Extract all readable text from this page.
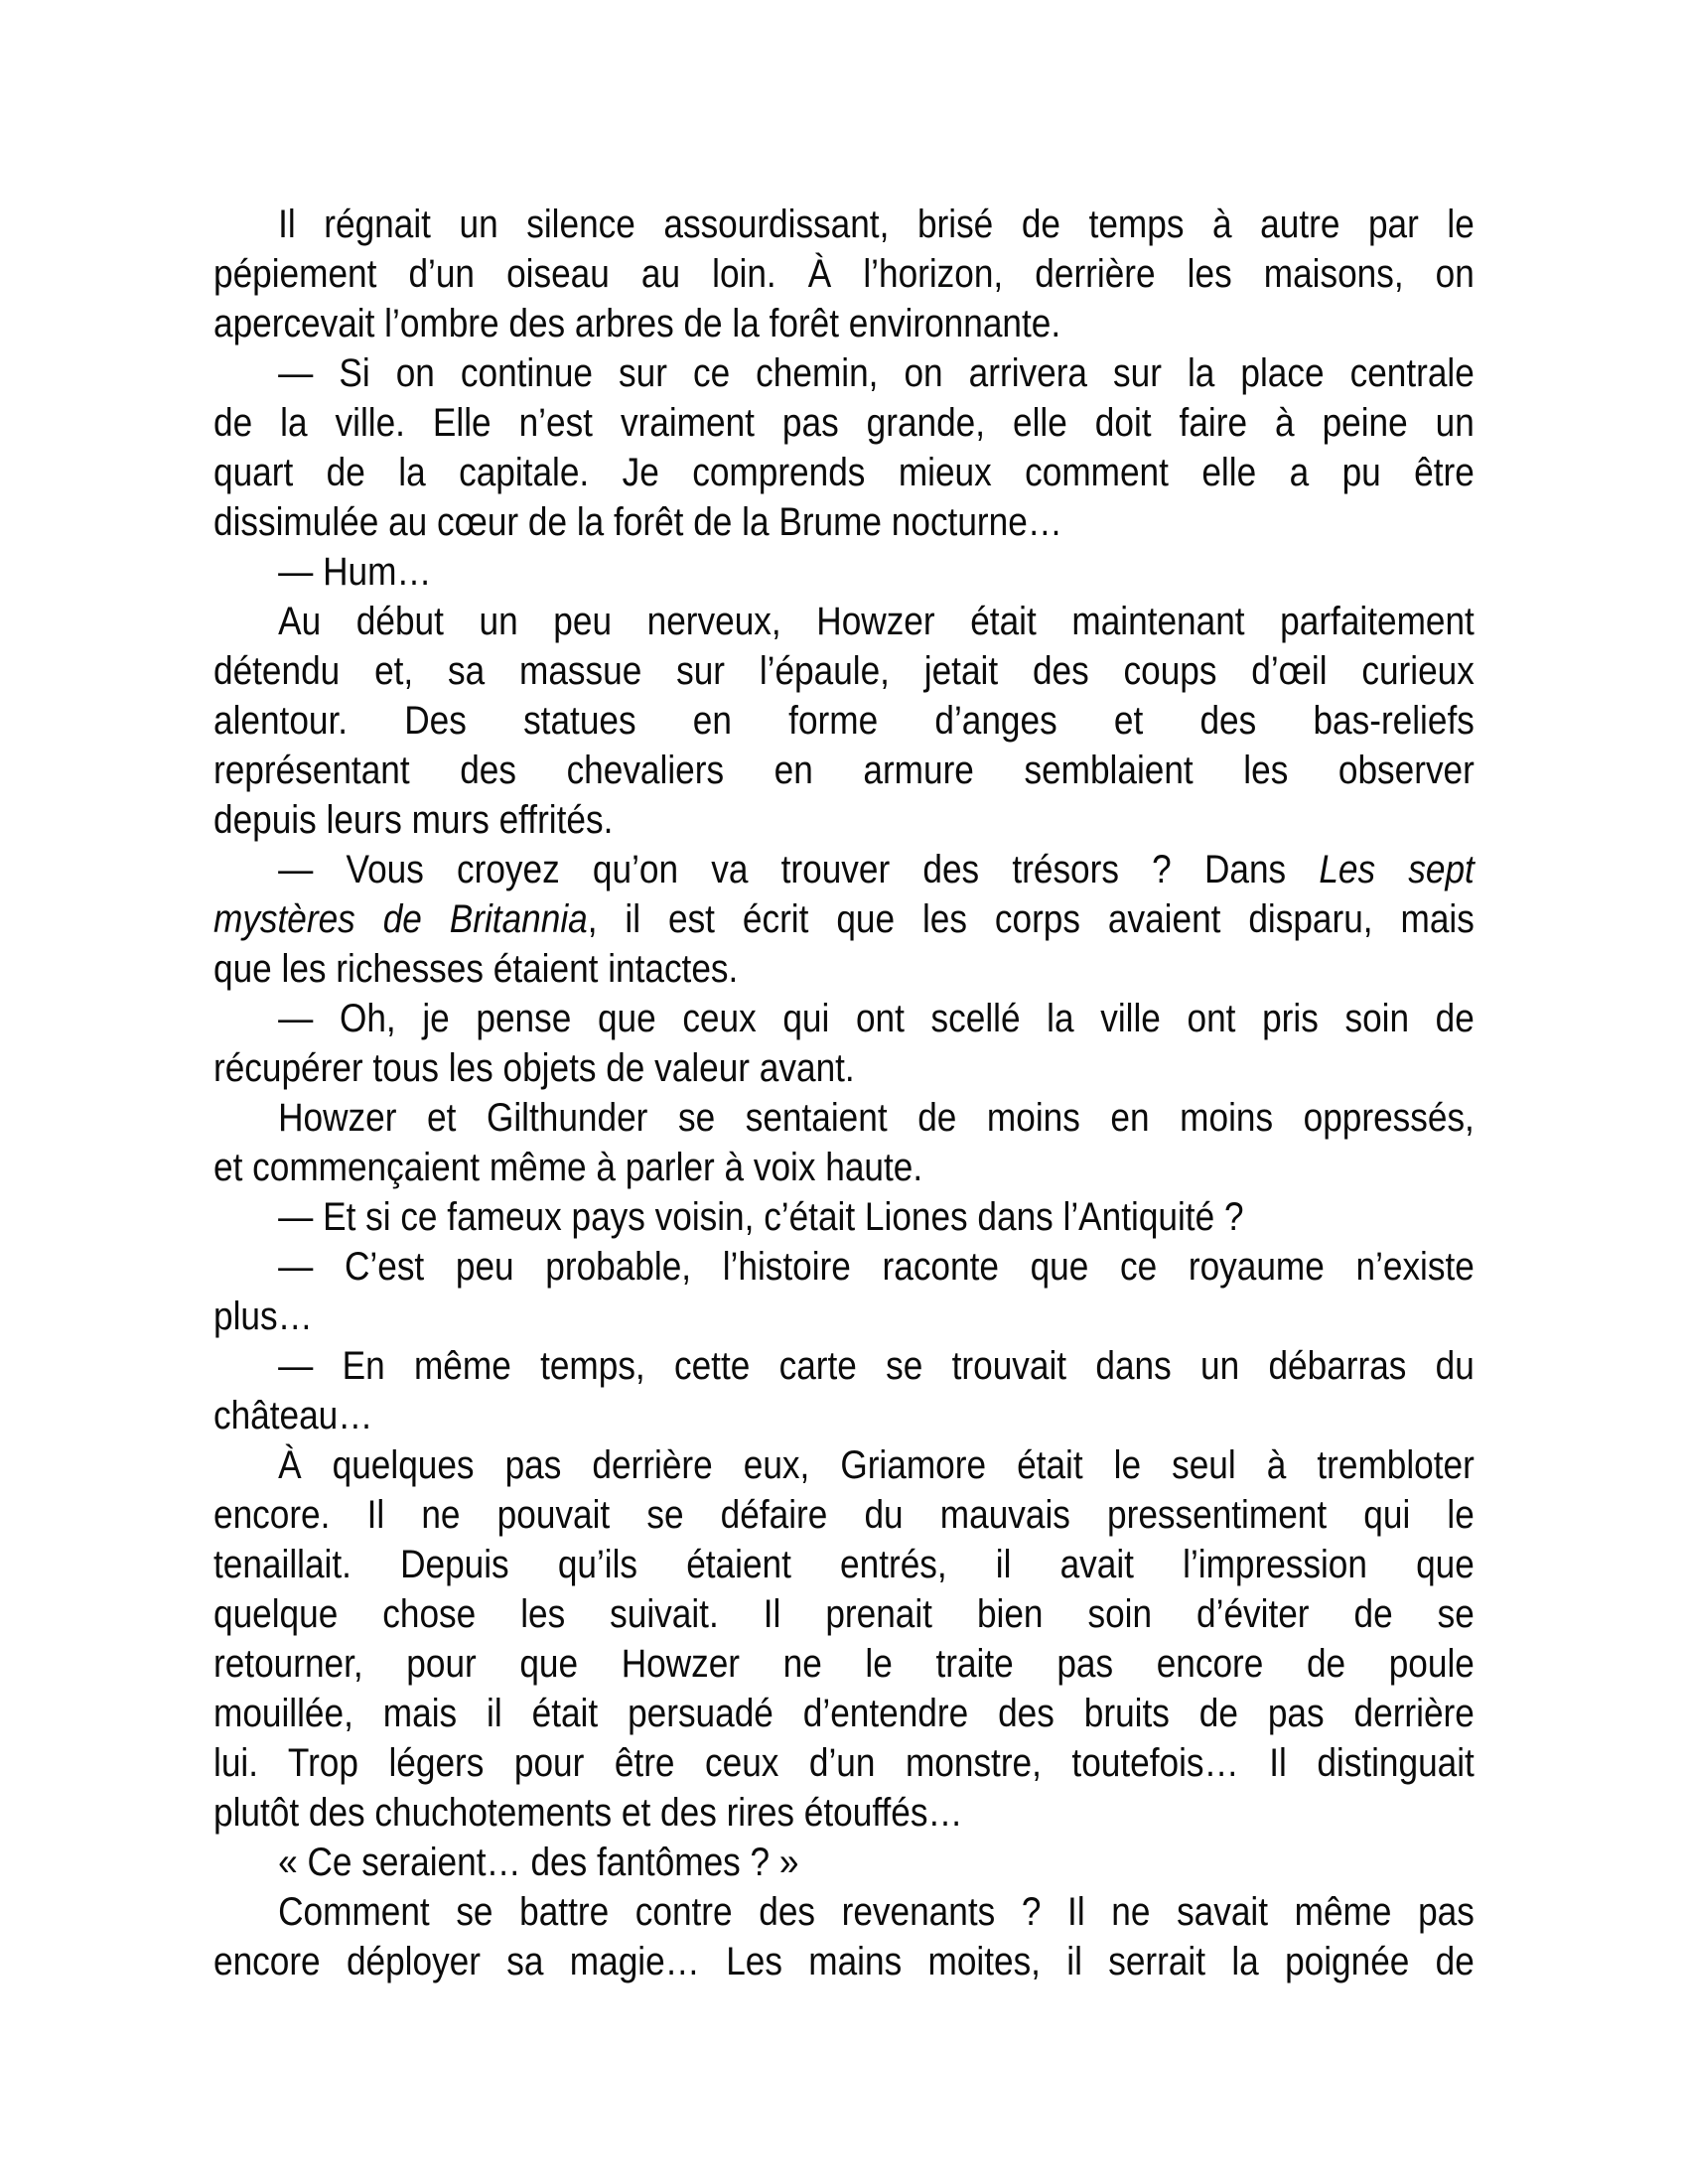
Il régnait un silence assourdissant, brisé de temps à autre par le
pépiement d’un oiseau au loin. À l’horizon, derrière les maisons, on
apercevait l’ombre des arbres de la forêt environnante.
— Si on continue sur ce chemin, on arrivera sur la place centrale
de la ville. Elle n’est vraiment pas grande, elle doit faire à peine un
quart de la capitale. Je comprends mieux comment elle a pu être
dissimulée au cœur de la forêt de la Brume nocturne…
— Hum…
Au début un peu nerveux, Howzer était maintenant parfaitement
détendu et, sa massue sur l’épaule, jetait des coups d’œil curieux
alentour. Des statues en forme d’anges et des bas-reliefs
représentant des chevaliers en armure semblaient les observer
depuis leurs murs effrités.
— Vous croyez qu’on va trouver des trésors ? Dans Les sept
mystères de Britannia, il est écrit que les corps avaient disparu, mais
que les richesses étaient intactes.
— Oh, je pense que ceux qui ont scellé la ville ont pris soin de
récupérer tous les objets de valeur avant.
Howzer et Gilthunder se sentaient de moins en moins oppressés,
et commençaient même à parler à voix haute.
— Et si ce fameux pays voisin, c’était Liones dans l’Antiquité ?
— C’est peu probable, l’histoire raconte que ce royaume n’existe
plus…
— En même temps, cette carte se trouvait dans un débarras du
château…
À quelques pas derrière eux, Griamore était le seul à trembloter
encore. Il ne pouvait se défaire du mauvais pressentiment qui le
tenaillait. Depuis qu’ils étaient entrés, il avait l’impression que
quelque chose les suivait. Il prenait bien soin d’éviter de se
retourner, pour que Howzer ne le traite pas encore de poule
mouillée, mais il était persuadé d’entendre des bruits de pas derrière
lui. Trop légers pour être ceux d’un monstre, toutefois… Il distinguait
plutôt des chuchotements et des rires étouffés…
« Ce seraient… des fantômes ? »
Comment se battre contre des revenants ? Il ne savait même pas
encore déployer sa magie… Les mains moites, il serrait la poignée de
